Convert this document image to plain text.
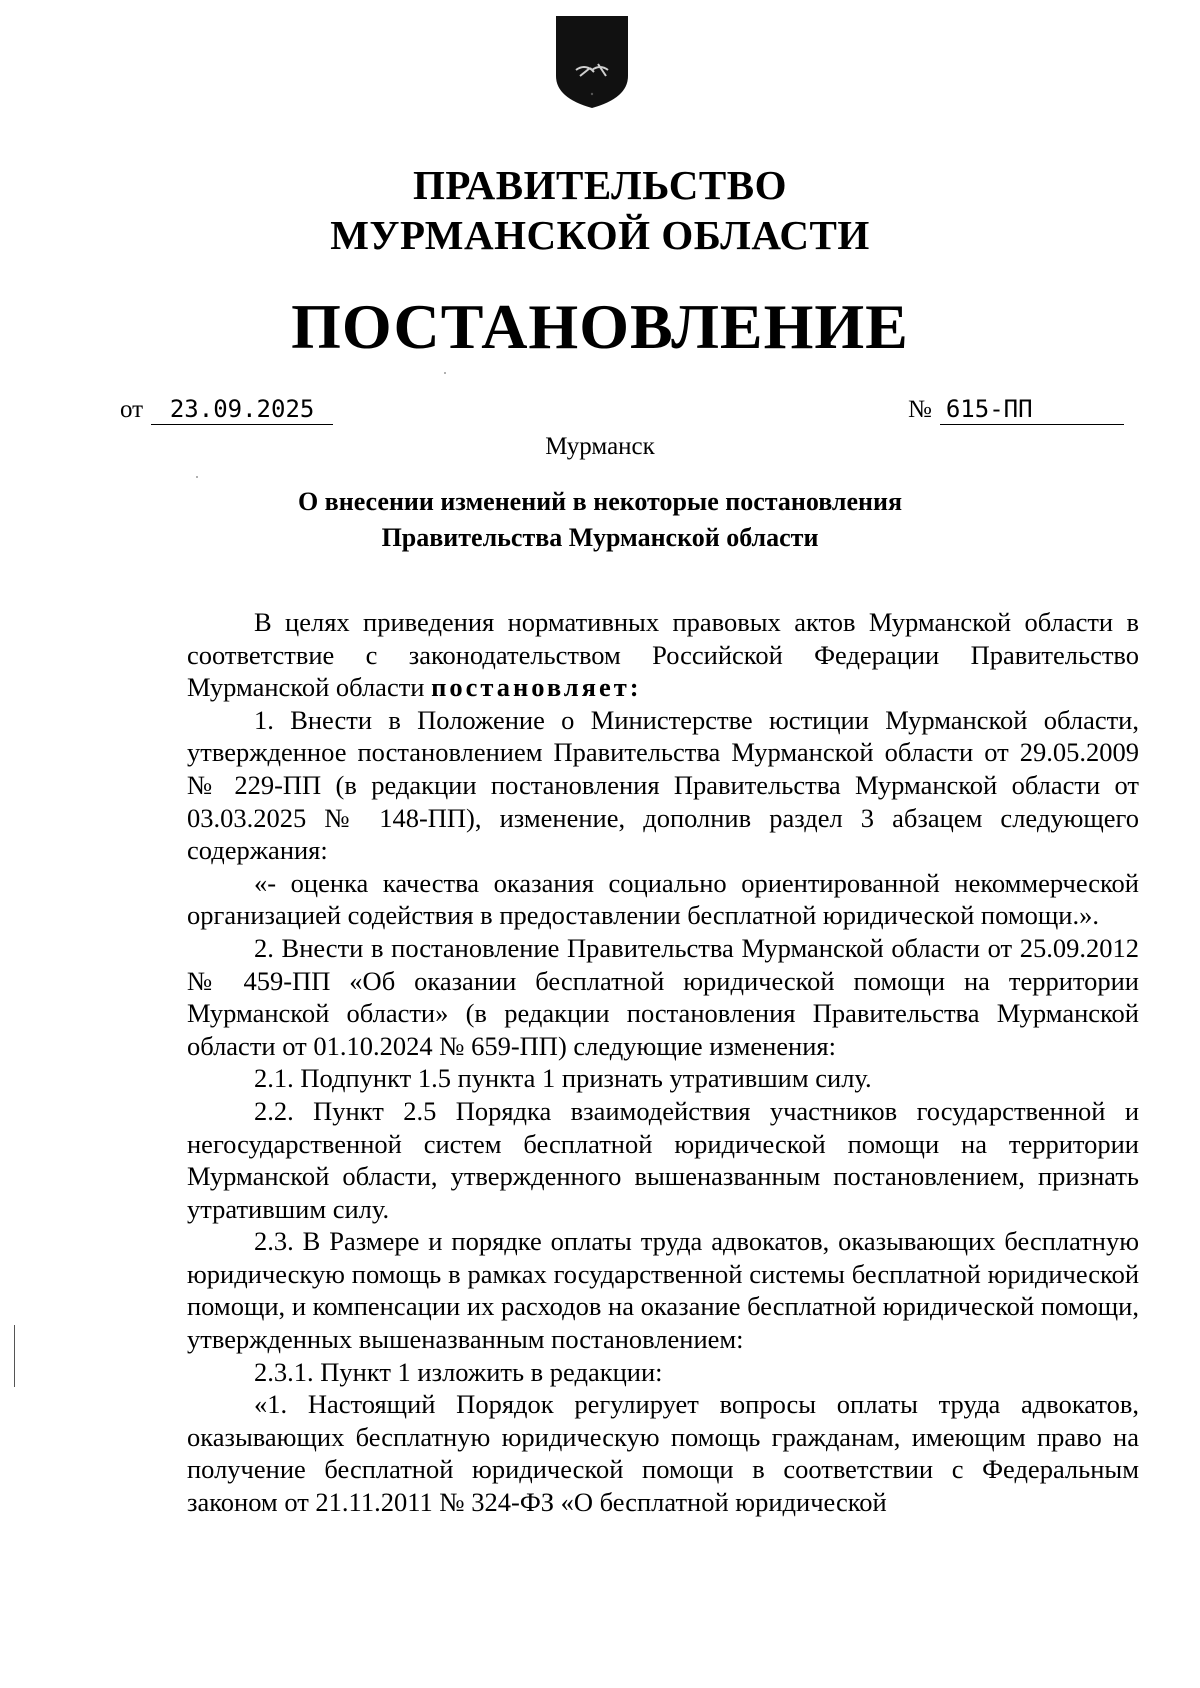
ПРАВИТЕЛЬСТВО
МУРМАНСКОЙ ОБЛАСТИ
ПОСТАНОВЛЕНИЕ
от 23.09.2025	№ 615-ПП
Мурманск
О внесении изменений в некоторые постановления
Правительства Мурманской области

В целях приведения нормативных правовых актов Мурманской области в соответствие с законодательством Российской Федерации Правительство Мурманской области постановляет:

1. Внести в Положение о Министерстве юстиции Мурманской области, утвержденное постановлением Правительства Мурманской области от 29.05.2009 № 229-ПП (в редакции постановления Правительства Мурманской области от 03.03.2025 № 148-ПП), изменение, дополнив раздел 3 абзацем следующего содержания:

«- оценка качества оказания социально ориентированной некоммерческой организацией содействия в предоставлении бесплатной юридической помощи.».

2. Внести в постановление Правительства Мурманской области от 25.09.2012 № 459-ПП «Об оказании бесплатной юридической помощи на территории Мурманской области» (в редакции постановления Правительства Мурманской области от 01.10.2024 № 659-ПП) следующие изменения:

2.1. Подпункт 1.5 пункта 1 признать утратившим силу.

2.2. Пункт 2.5 Порядка взаимодействия участников государственной и негосударственной систем бесплатной юридической помощи на территории Мурманской области, утвержденного вышеназванным постановлением, признать утратившим силу.

2.3. В Размере и порядке оплаты труда адвокатов, оказывающих бесплатную юридическую помощь в рамках государственной системы бесплатной юридической помощи, и компенсации их расходов на оказание бесплатной юридической помощи, утвержденных вышеназванным постановлением:

2.3.1. Пункт 1 изложить в редакции:

«1. Настоящий Порядок регулирует вопросы оплаты труда адвокатов, оказывающих бесплатную юридическую помощь гражданам, имеющим право на получение бесплатной юридической помощи в соответствии с Федеральным законом от 21.11.2011 № 324-ФЗ «О бесплатной юридической
